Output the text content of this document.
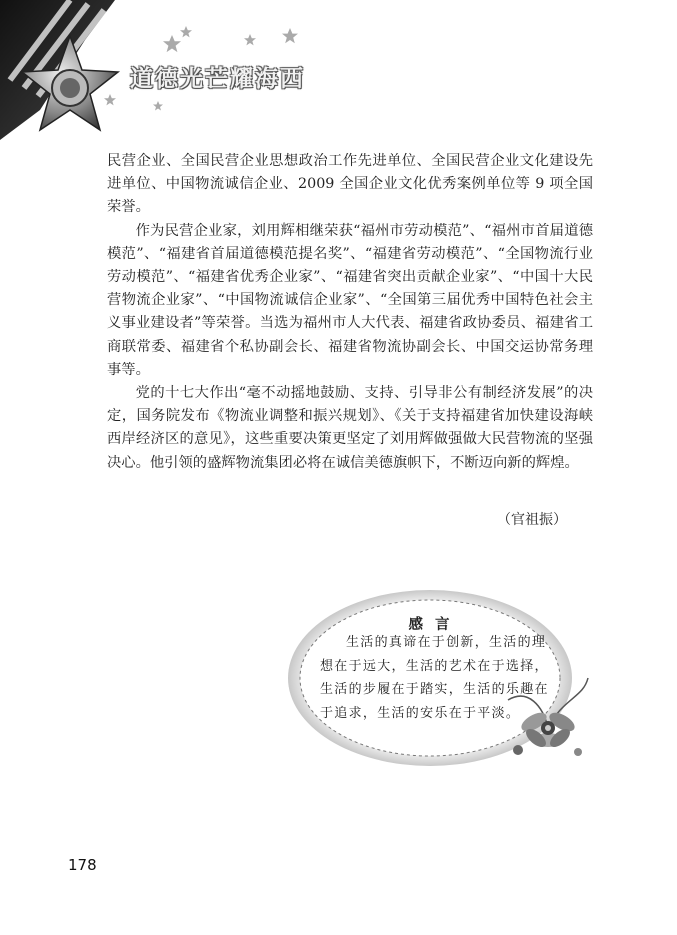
道德光芒耀海西

民营企业、全国民营企业思想政治工作先进单位、全国民营企业文化建设先进单位、中国物流诚信企业、2009 全国企业文化优秀案例单位等 9 项全国荣誉。

作为民营企业家，刘用辉相继荣获“福州市劳动模范”、“福州市首届道德模范”、“福建省首届道德模范提名奖”、“福建省劳动模范”、“全国物流行业劳动模范”、“福建省优秀企业家”、“福建省突出贡献企业家”、“中国十大民营物流企业家”、“中国物流诚信企业家”、“全国第三届优秀中国特色社会主义事业建设者”等荣誉。当选为福州市人大代表、福建省政协委员、福建省工商联常委、福建省个私协副会长、福建省物流协副会长、中国交运协常务理事等。

党的十七大作出“毫不动摇地鼓励、支持、引导非公有制经济发展”的决定，国务院发布《物流业调整和振兴规划》、《关于支持福建省加快建设海峡西岸经济区的意见》，这些重要决策更坚定了刘用辉做强做大民营物流的坚强决心。他引领的盛辉物流集团必将在诚信美德旗帜下，不断迈向新的辉煌。

（官祖振）
感言

生活的真谛在于创新，生活的理想在于远大，生活的艺术在于选择，生活的步履在于踏实，生活的乐趣在于追求，生活的安乐在于平淡。

178
